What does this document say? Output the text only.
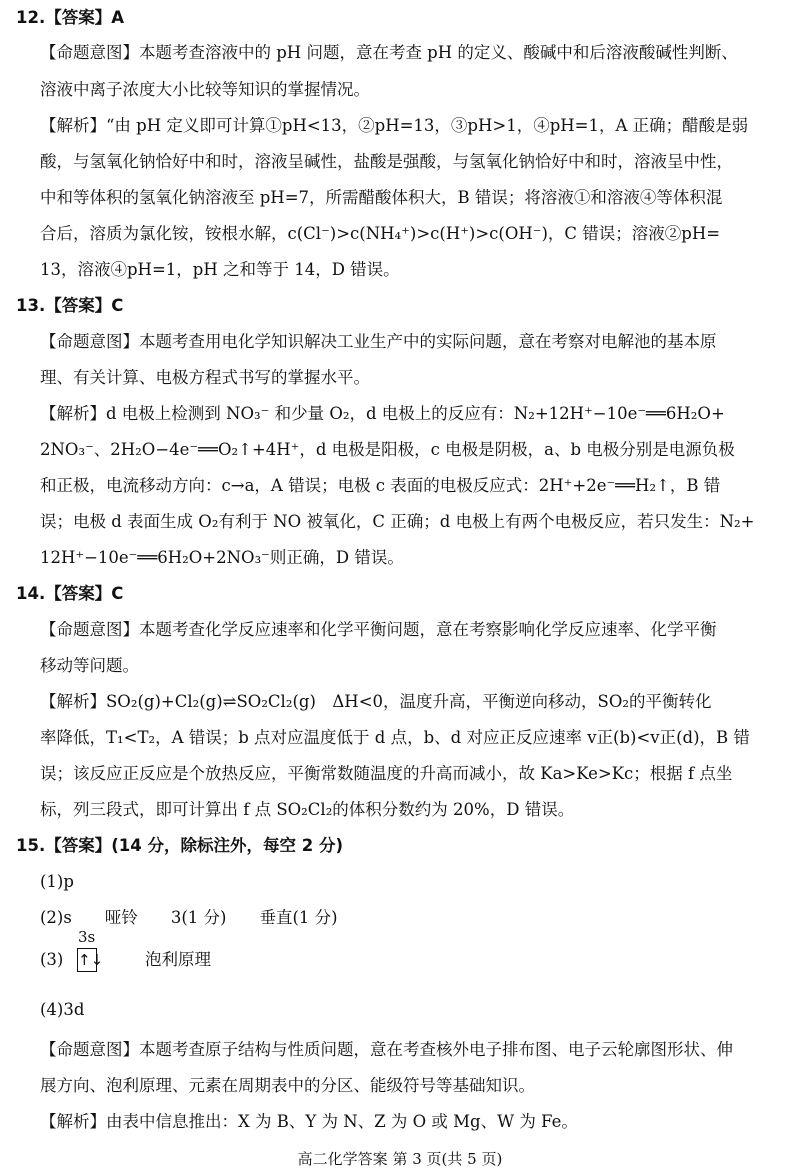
12.【答案】A
【命题意图】本题考查溶液中的 pH 问题，意在考查 pH 的定义、酸碱中和后溶液酸碱性判断、
溶液中离子浓度大小比较等知识的掌握情况。
【解析】“由 pH 定义即可计算①pH<13，②pH=13，③pH>1，④pH=1，A 正确；醋酸是弱
酸，与氢氧化钠恰好中和时，溶液呈碱性，盐酸是强酸，与氢氧化钠恰好中和时，溶液呈中性，
中和等体积的氢氧化钠溶液至 pH=7，所需醋酸体积大，B 错误；将溶液①和溶液④等体积混
合后，溶质为氯化铵，铵根水解，c(Cl⁻)>c(NH₄⁺)>c(H⁺)>c(OH⁻)，C 错误；溶液②pH=
13，溶液④pH=1，pH 之和等于 14，D 错误。
13.【答案】C
【命题意图】本题考查用电化学知识解决工业生产中的实际问题，意在考察对电解池的基本原
理、有关计算、电极方程式书写的掌握水平。
【解析】d 电极上检测到 NO₃⁻ 和少量 O₂，d 电极上的反应有：N₂+12H⁺−10e⁻══6H₂O+
2NO₃⁻、2H₂O−4e⁻══O₂↑+4H⁺，d 电极是阳极，c 电极是阴极，a、b 电极分别是电源负极
和正极，电流移动方向：c→a，A 错误；电极 c 表面的电极反应式：2H⁺+2e⁻══H₂↑，B 错
误；电极 d 表面生成 O₂有利于 NO 被氧化，C 正确；d 电极上有两个电极反应，若只发生：N₂+
12H⁺−10e⁻══6H₂O+2NO₃⁻则正确，D 错误。
14.【答案】C
【命题意图】本题考查化学反应速率和化学平衡问题，意在考察影响化学反应速率、化学平衡
移动等问题。
【解析】SO₂(g)+Cl₂(g)⇌SO₂Cl₂(g)　ΔH<0，温度升高，平衡逆向移动，SO₂的平衡转化
率降低，T₁<T₂，A 错误；b 点对应温度低于 d 点，b、d 对应正反应速率 v正(b)<v正(d)，B 错
误；该反应正反应是个放热反应，平衡常数随温度的升高而减小，故 Ka>Ke>Kc；根据 f 点坐
标，列三段式，即可计算出 f 点 SO₂Cl₂的体积分数约为 20%，D 错误。
15.【答案】(14 分，除标注外，每空 2 分)
(1)p
(2)s　　哑铃　　3(1 分)　　垂直(1 分)
(3)
3s
↑↓	泡利原理
(4)3d
【命题意图】本题考查原子结构与性质问题，意在考查核外电子排布图、电子云轮廓图形状、伸
展方向、泡利原理、元素在周期表中的分区、能级符号等基础知识。
【解析】由表中信息推出：X 为 B、Y 为 N、Z 为 O 或 Mg、W 为 Fe。
高二化学答案 第 3 页(共 5 页)
